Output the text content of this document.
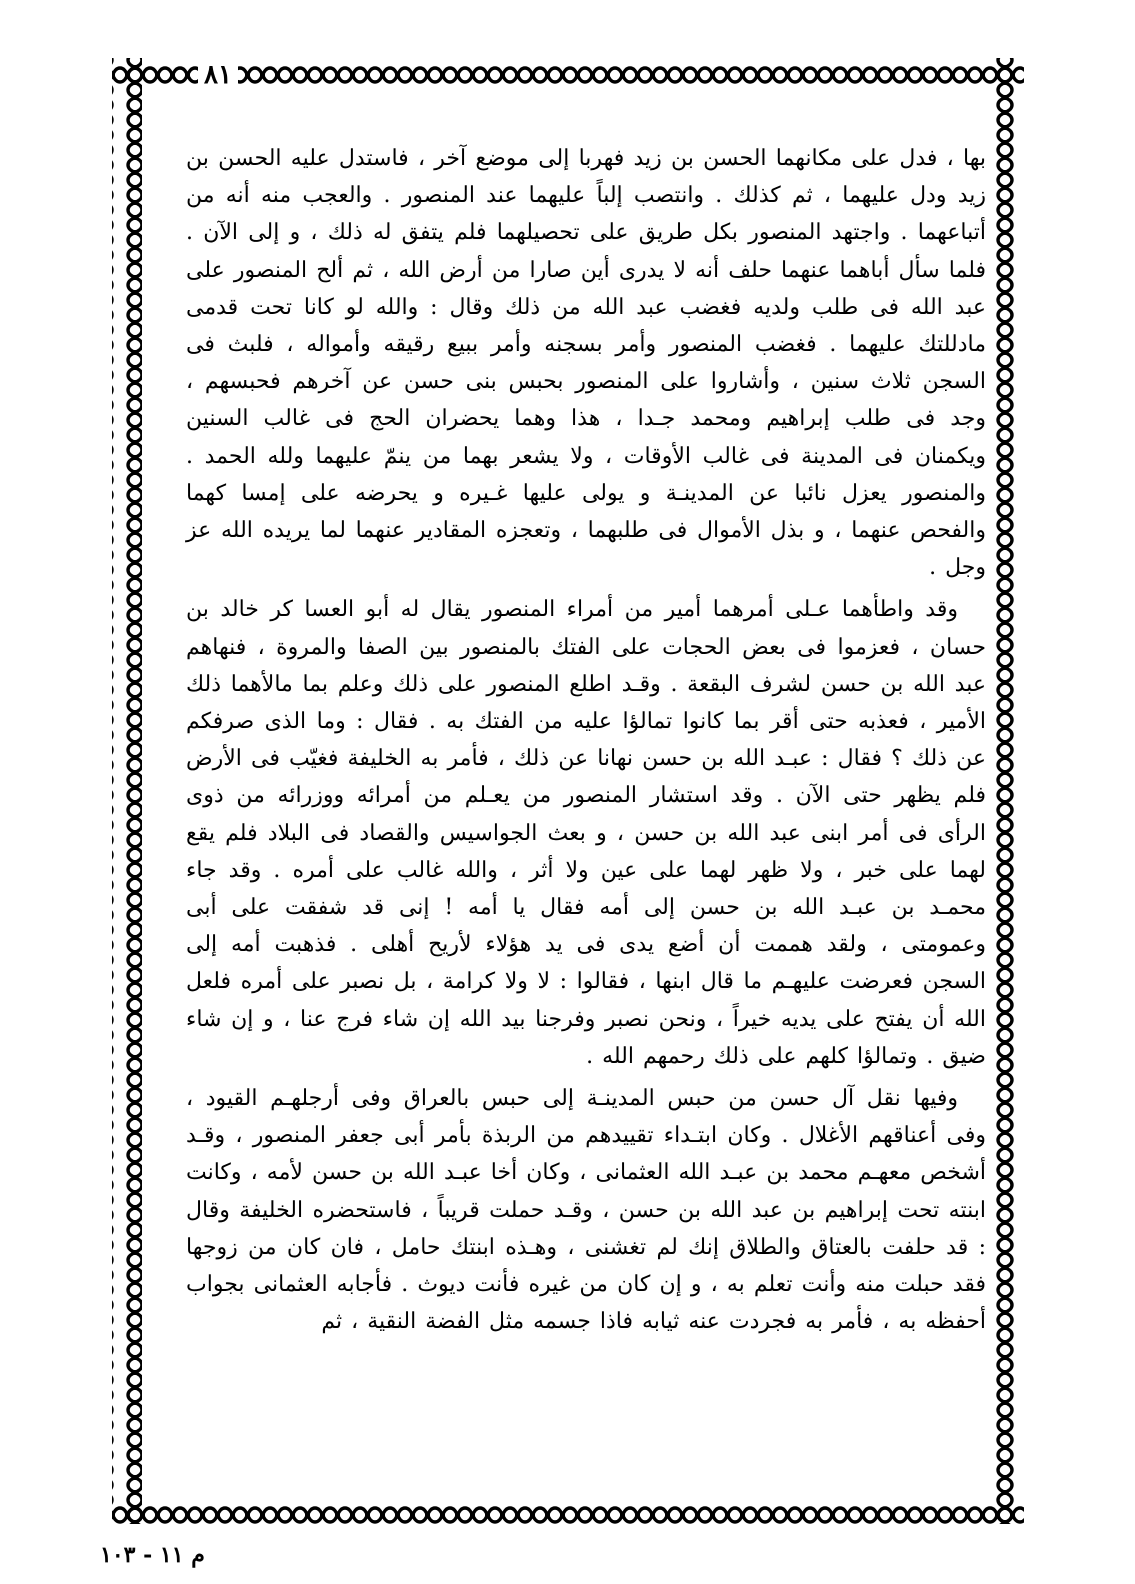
٨١

بها ، فدل على مكانهما الحسن بن زيد فهربا إلى موضع آخر ، فاستدل عليه الحسن بن زيد ودل عليهما ، ثم كذلك . وانتصب إلباً عليهما عند المنصور . والعجب منه أنه من أتباعهما . واجتهد المنصور بكل طريق على تحصيلهما فلم يتفق له ذلك ، و إلى الآن . فلما سأل أباهما عنهما حلف أنه لا يدرى أين صارا من أرض الله ، ثم ألح المنصور على عبد الله فى طلب ولديه فغضب عبد الله من ذلك وقال : والله لو كانا تحت قدمى مادللتك عليهما . فغضب المنصور وأمر بسجنه وأمر ببيع رقيقه وأمواله ، فلبث فى السجن ثلاث سنين ، وأشاروا على المنصور بحبس بنى حسن عن آخرهم فحبسهم ، وجد فى طلب إبراهيم ومحمد جـدا ، هذا وهما يحضران الحج فى غالب السنين ويكمنان فى المدينة فى غالب الأوقات ، ولا يشعر بهما من ينمّ عليهما ولله الحمد . والمنصور يعزل نائبا عن المدينـة و يولى عليها غـيره و يحرضه على إمسا كهما والفحص عنهما ، و بذل الأموال فى طلبهما ، وتعجزه المقادير عنهما لما يريده الله عز وجل .

وقد واطأهما عـلى أمرهما أمير من أمراء المنصور يقال له أبو العسا كر خالد بن حسان ، فعزموا فى بعض الحجات على الفتك بالمنصور بين الصفا والمروة ، فنهاهم عبد الله بن حسن لشرف البقعة . وقـد اطلع المنصور على ذلك وعلم بما مالأهما ذلك الأمير ، فعذبه حتى أقر بما كانوا تمالؤا عليه من الفتك به . فقال : وما الذى صرفكم عن ذلك ؟ فقال : عبـد الله بن حسن نهانا عن ذلك ، فأمر به الخليفة فغيّب فى الأرض فلم يظهر حتى الآن . وقد استشار المنصور من يعـلم من أمرائه ووزرائه من ذوى الرأى فى أمر ابنى عبد الله بن حسن ، و بعث الجواسيس والقصاد فى البلاد فلم يقع لهما على خبر ، ولا ظهر لهما على عين ولا أثر ، والله غالب على أمره . وقد جاء محمـد بن عبـد الله بن حسن إلى أمه فقال يا أمه ! إنى قد شفقت على أبى وعمومتى ، ولقد هممت أن أضع يدى فى يد هؤلاء لأريح أهلى . فذهبت أمه إلى السجن فعرضت عليهـم ما قال ابنها ، فقالوا : لا ولا كرامة ، بل نصبر على أمره فلعل الله أن يفتح على يديه خيراً ، ونحن نصبر وفرجنا بيد الله إن شاء فرج عنا ، و إن شاء ضيق . وتمالؤا كلهم على ذلك رحمهم الله .

وفيها نقل آل حسن من حبس المدينـة إلى حبس بالعراق وفى أرجلهـم القيود ، وفى أعناقهم الأغلال . وكان ابتـداء تقييدهم من الربذة بأمر أبى جعفر المنصور ، وقـد أشخص معهـم محمد بن عبـد الله العثمانى ، وكان أخا عبـد الله بن حسن لأمه ، وكانت ابنته تحت إبراهيم بن عبد الله بن حسن ، وقـد حملت قريباً ، فاستحضره الخليفة وقال : قد حلفت بالعتاق والطلاق إنك لم تغشنى ، وهـذه ابنتك حامل ، فان كان من زوجها فقد حبلت منه وأنت تعلم به ، و إن كان من غيره فأنت ديوث . فأجابه العثمانى بجواب أحفظه به ، فأمر به فجردت عنه ثيابه فاذا جسمه مثل الفضة النقية ، ثم

م ١١ - ١٠٣
